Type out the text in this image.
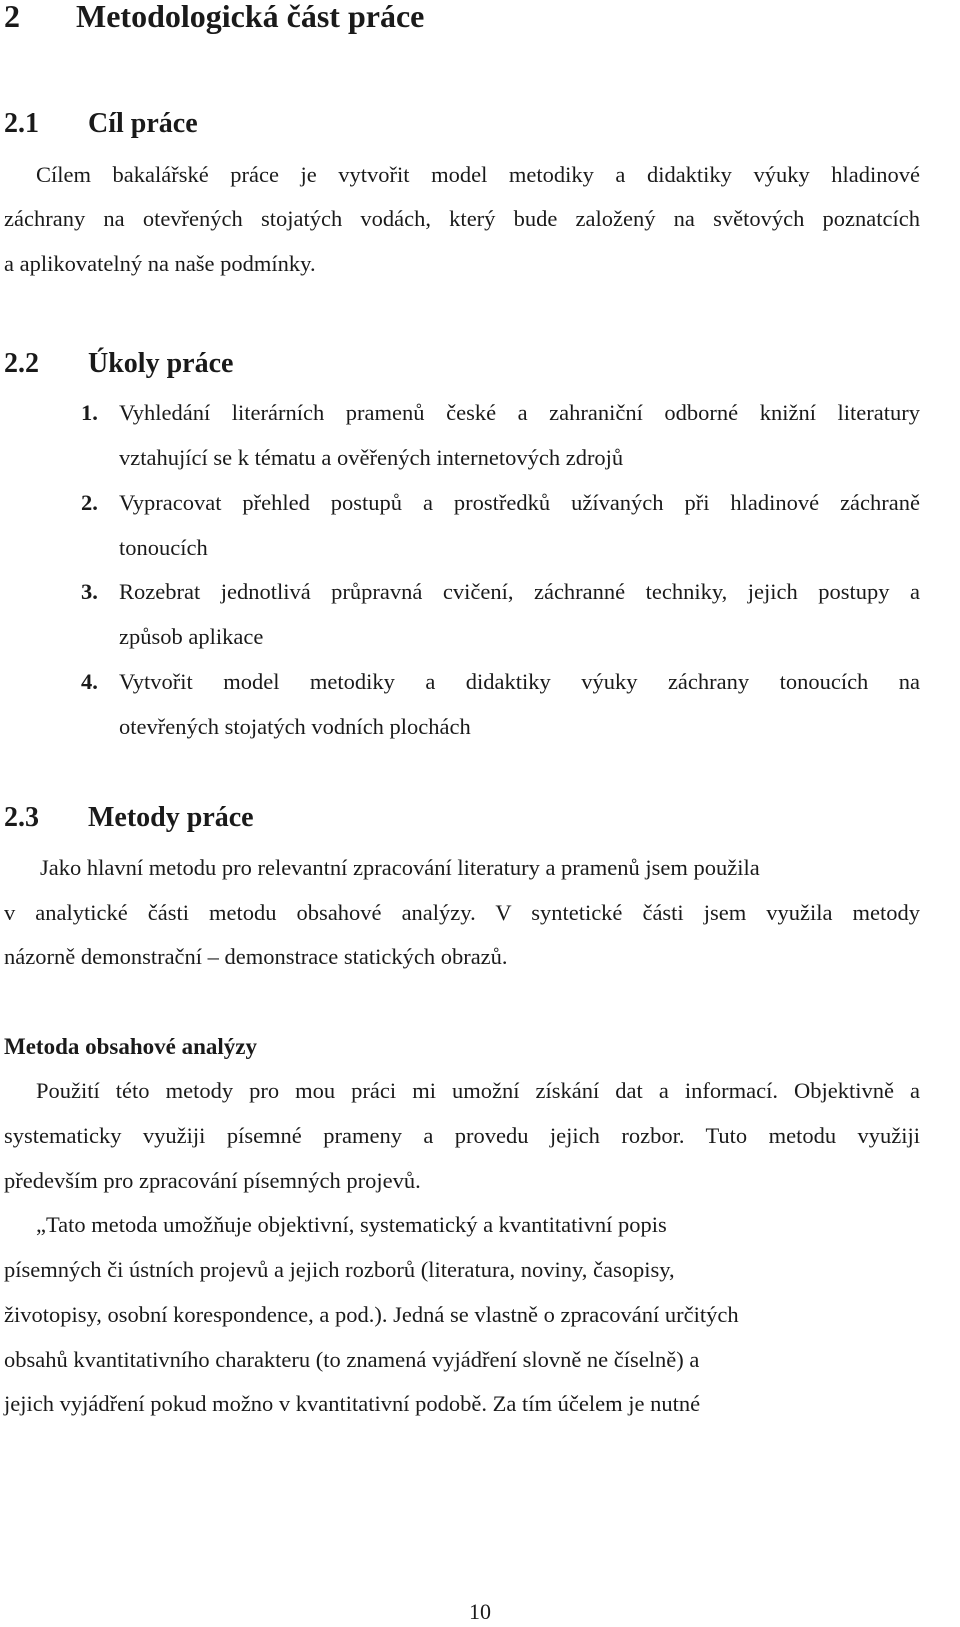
2 Metodologická část práce
2.1 Cíl práce
Cílem bakalářské práce je vytvořit model metodiky a didaktiky výuky hladinové
záchrany na otevřených stojatých vodách, který bude založený na světových poznatcích
a aplikovatelný na naše podmínky.
2.2 Úkoly práce
1. Vyhledání literárních pramenů české a zahraniční odborné knižní literatury
vztahující se k tématu a ověřených internetových zdrojů
2. Vypracovat přehled postupů a prostředků užívaných při hladinové záchraně
tonoucích
3. Rozebrat jednotlivá průpravná cvičení, záchranné techniky, jejich postupy a
způsob aplikace
4. Vytvořit model metodiky a didaktiky výuky záchrany tonoucích na
otevřených stojatých vodních plochách
2.3 Metody práce
Jako hlavní metodu pro relevantní zpracování literatury a pramenů jsem použila
v analytické části metodu obsahové analýzy. V syntetické části jsem využila metody
názorně demonstrační – demonstrace statických obrazů.
Metoda obsahové analýzy
Použití této metody pro mou práci mi umožní získání dat a informací. Objektivně a
systematicky využiji písemné prameny a provedu jejich rozbor. Tuto metodu využiji
především pro zpracování písemných projevů.
„Tato metoda umožňuje objektivní, systematický a kvantitativní popis
písemných či ústních projevů a jejich rozborů (literatura, noviny, časopisy,
životopisy, osobní korespondence, a pod.). Jedná se vlastně o zpracování určitých
obsahů kvantitativního charakteru (to znamená vyjádření slovně ne číselně) a
jejich vyjádření pokud možno v kvantitativní podobě. Za tím účelem je nutné
10
